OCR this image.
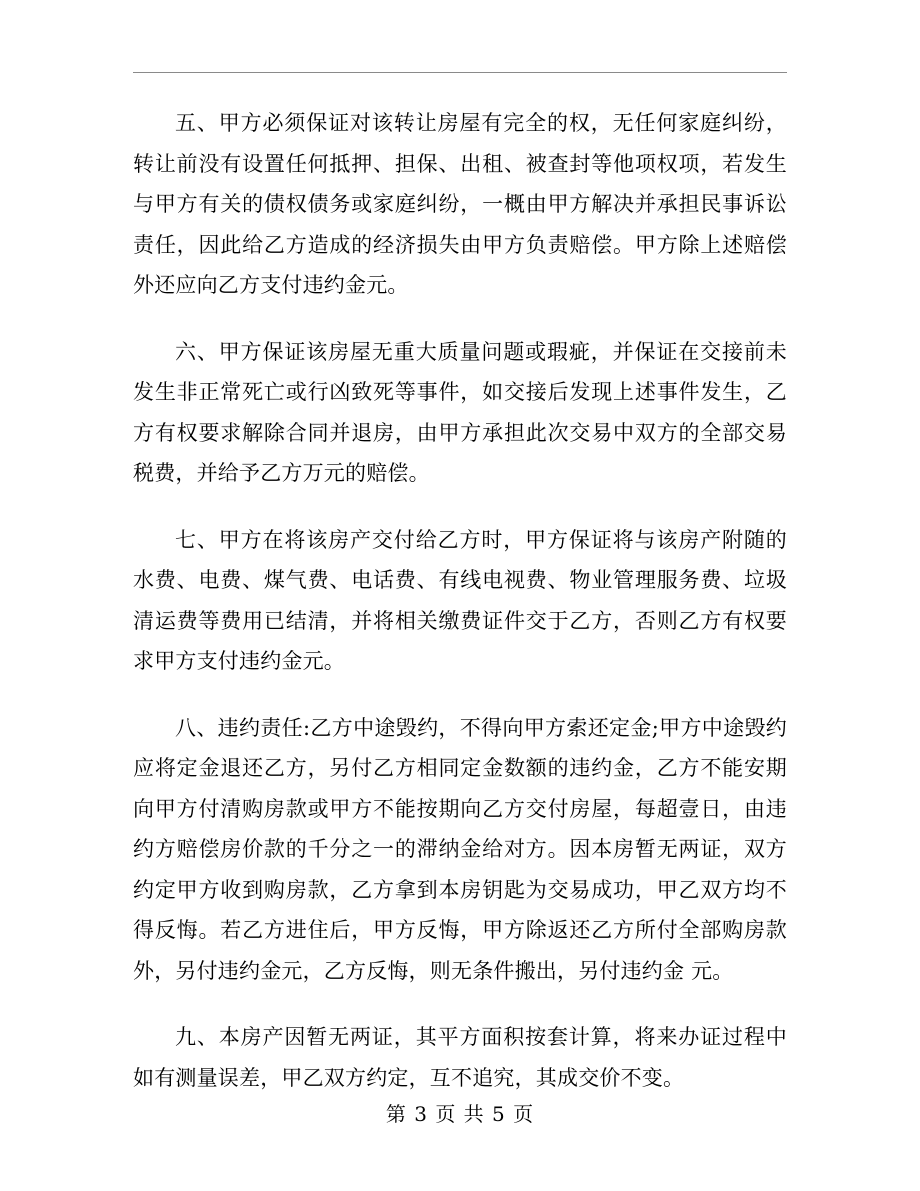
五、甲方必须保证对该转让房屋有完全的权，无任何家庭纠纷，转让前没有设置任何抵押、担保、出租、被查封等他项权项，若发生与甲方有关的债权债务或家庭纠纷，一概由甲方解决并承担民事诉讼责任，因此给乙方造成的经济损失由甲方负责赔偿。甲方除上述赔偿外还应向乙方支付违约金元。

六、甲方保证该房屋无重大质量问题或瑕疵，并保证在交接前未发生非正常死亡或行凶致死等事件，如交接后发现上述事件发生，乙方有权要求解除合同并退房，由甲方承担此次交易中双方的全部交易税费，并给予乙方万元的赔偿。

七、甲方在将该房产交付给乙方时，甲方保证将与该房产附随的水费、电费、煤气费、电话费、有线电视费、物业管理服务费、垃圾清运费等费用已结清，并将相关缴费证件交于乙方，否则乙方有权要求甲方支付违约金元。

八、违约责任:乙方中途毁约，不得向甲方索还定金;甲方中途毁约应将定金退还乙方，另付乙方相同定金数额的违约金，乙方不能安期向甲方付清购房款或甲方不能按期向乙方交付房屋，每超壹日，由违约方赔偿房价款的千分之一的滞纳金给对方。因本房暂无两证，双方约定甲方收到购房款，乙方拿到本房钥匙为交易成功，甲乙双方均不得反悔。若乙方进住后，甲方反悔，甲方除返还乙方所付全部购房款外，另付违约金元，乙方反悔，则无条件搬出，另付违约金 元。

九、本房产因暂无两证，其平方面积按套计算，将来办证过程中如有测量误差，甲乙双方约定，互不追究，其成交价不变。

第 3 页 共 5 页
